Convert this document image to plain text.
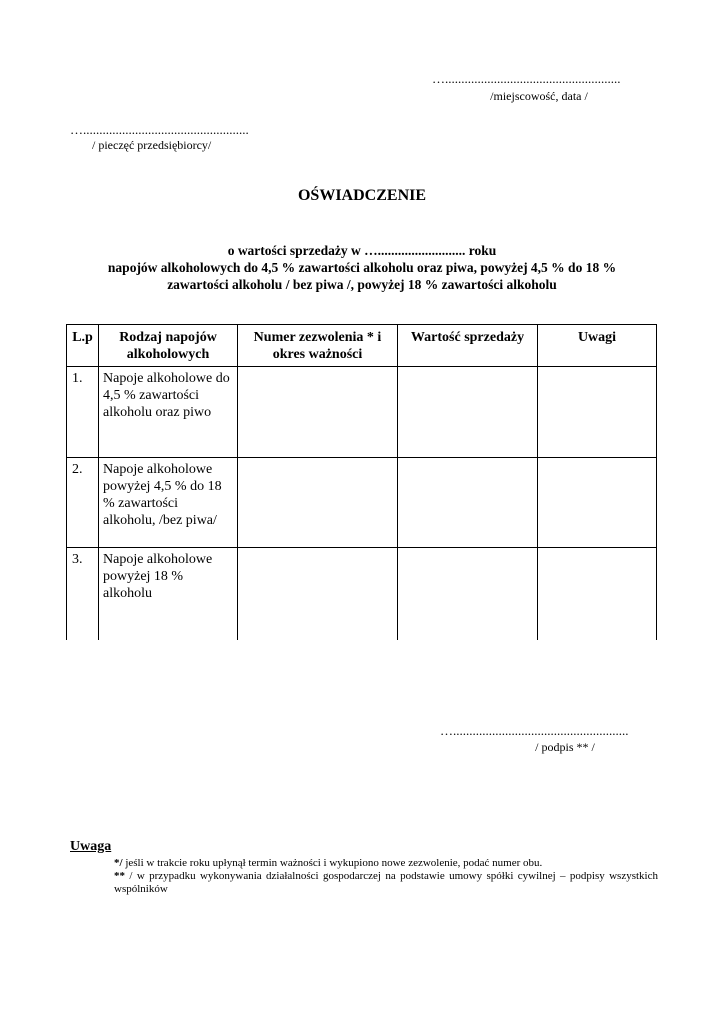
…......................................................
/miejscowość, data /
…...................................................
/ pieczęć przedsiębiorcy/
OŚWIADCZENIE
o wartości sprzedaży w ….......................... roku
napojów alkoholowych do 4,5 % zawartości alkoholu oraz piwa, powyżej 4,5 % do 18 %
zawartości alkoholu / bez piwa /, powyżej 18 % zawartości alkoholu
L.p	Rodzaj napojów alkoholowych	Numer zezwolenia * i okres ważności	Wartość sprzedaży	Uwagi
1.	Napoje alkoholowe do 4,5 % zawartości alkoholu oraz piwo			
2.	Napoje alkoholowe powyżej 4,5 % do 18 % zawartości alkoholu, /bez piwa/			
3.	Napoje alkoholowe powyżej 18 % alkoholu			
…......................................................
/ podpis ** /
Uwaga
*/ jeśli w trakcie roku upłynął termin ważności i wykupiono nowe zezwolenie, podać numer obu.
** / w przypadku wykonywania działalności gospodarczej na podstawie umowy spółki cywilnej – podpisy wszystkich wspólników
